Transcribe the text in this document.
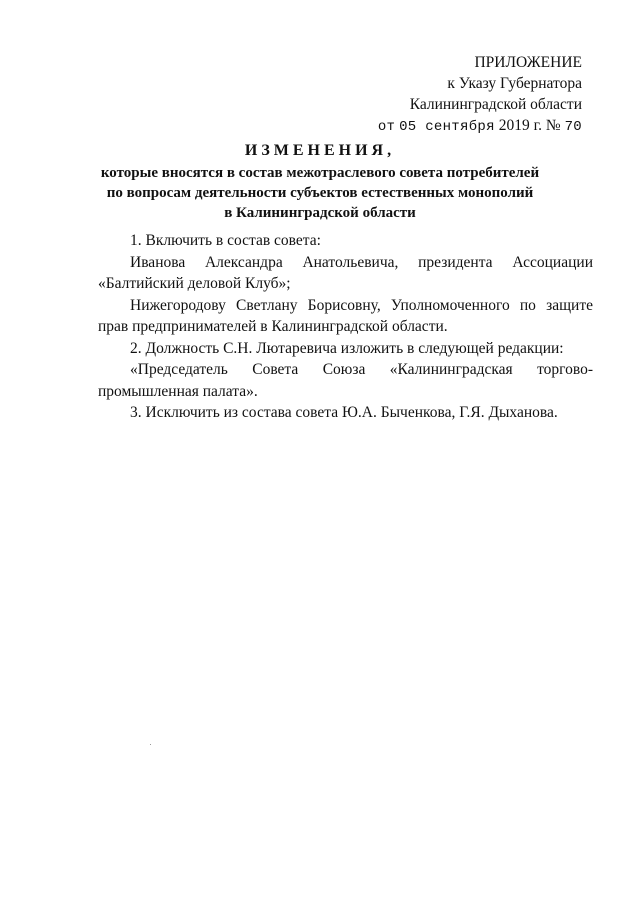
ПРИЛОЖЕНИЕ
к Указу Губернатора
Калининградской области
от 05 сентября 2019 г. № 70
ИЗМЕНЕНИЯ,
которые вносятся в состав межотраслевого совета потребителей
по вопросам деятельности субъектов естественных монополий
в Калининградской области

1. Включить в состав совета:

Иванова Александра Анатольевича, президента Ассоциации

«Балтийский деловой Клуб»;

Нижегородову Светлану Борисовну, Уполномоченного по защите

прав предпринимателей в Калининградской области.

2. Должность С.Н. Лютаревича изложить в следующей редакции:

«Председатель Совета Союза «Калининградская торгово-

промышленная палата».

3. Исключить из состава совета Ю.А. Быченкова, Г.Я. Дыханова.
